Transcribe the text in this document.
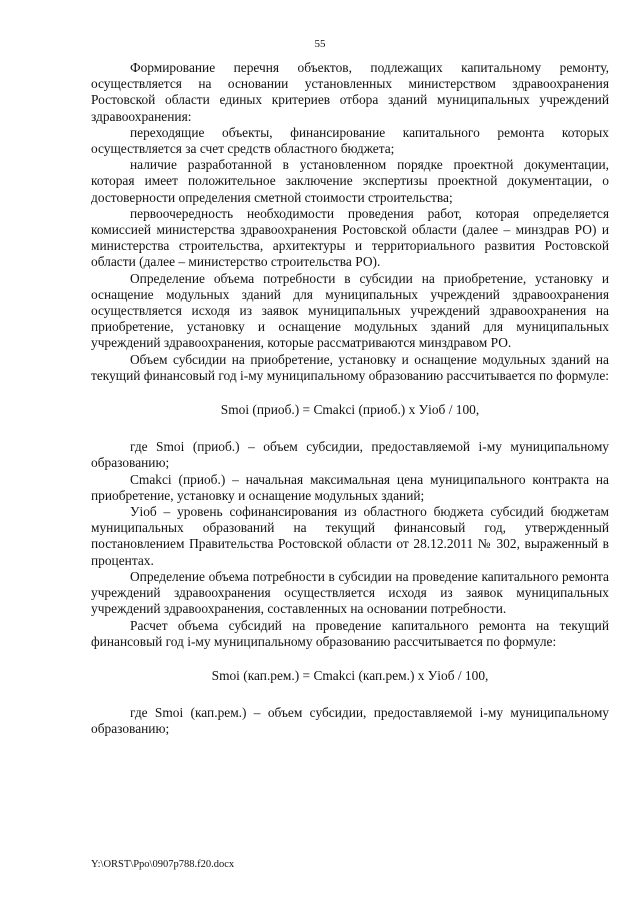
55

Формирование перечня объектов, подлежащих капитальному ремонту, осуществляется на основании установленных министерством здравоохранения Ростовской области единых критериев отбора зданий муниципальных учреждений здравоохранения:

переходящие объекты, финансирование капитального ремонта которых осуществляется за счет средств областного бюджета;

наличие разработанной в установленном порядке проектной документации, которая имеет положительное заключение экспертизы проектной документации, о достоверности определения сметной стоимости строительства;

первоочередность необходимости проведения работ, которая определяется комиссией министерства здравоохранения Ростовской области (далее – минздрав РО) и министерства строительства, архитектуры и территориального развития Ростовской области (далее – министерство строительства РО).

Определение объема потребности в субсидии на приобретение, установку и оснащение модульных зданий для муниципальных учреждений здравоохранения осуществляется исходя из заявок муниципальных учреждений здравоохранения на приобретение, установку и оснащение модульных зданий для муниципальных учреждений здравоохранения, которые рассматриваются минздравом РО.

Объем субсидии на приобретение, установку и оснащение модульных зданий на текущий финансовый год i-му муниципальному образованию рассчитывается по формуле:

Smoi (приоб.) = Cmakci (приоб.) х Уiоб / 100,

где Smoi (приоб.) – объем субсидии, предоставляемой i-му муниципальному образованию;

Cmakci (приоб.) – начальная максимальная цена муниципального контракта на приобретение, установку и оснащение модульных зданий;

Уiоб – уровень софинансирования из областного бюджета субсидий бюджетам муниципальных образований на текущий финансовый год, утвержденный постановлением Правительства Ростовской области от 28.12.2011 № 302, выраженный в процентах.

Определение объема потребности в субсидии на проведение капитального ремонта учреждений здравоохранения осуществляется исходя из заявок муниципальных учреждений здравоохранения, составленных на основании потребности.

Расчет объема субсидий на проведение капитального ремонта на текущий финансовый год i-му муниципальному образованию рассчитывается по формуле:

Smoi (кап.рем.) = Cmakci (кап.рем.) х Уiоб / 100,

где Smoi (кап.рем.) – объем субсидии, предоставляемой i-му муниципальному образованию;

Y:\ORST\Ppo\0907p788.f20.docx
